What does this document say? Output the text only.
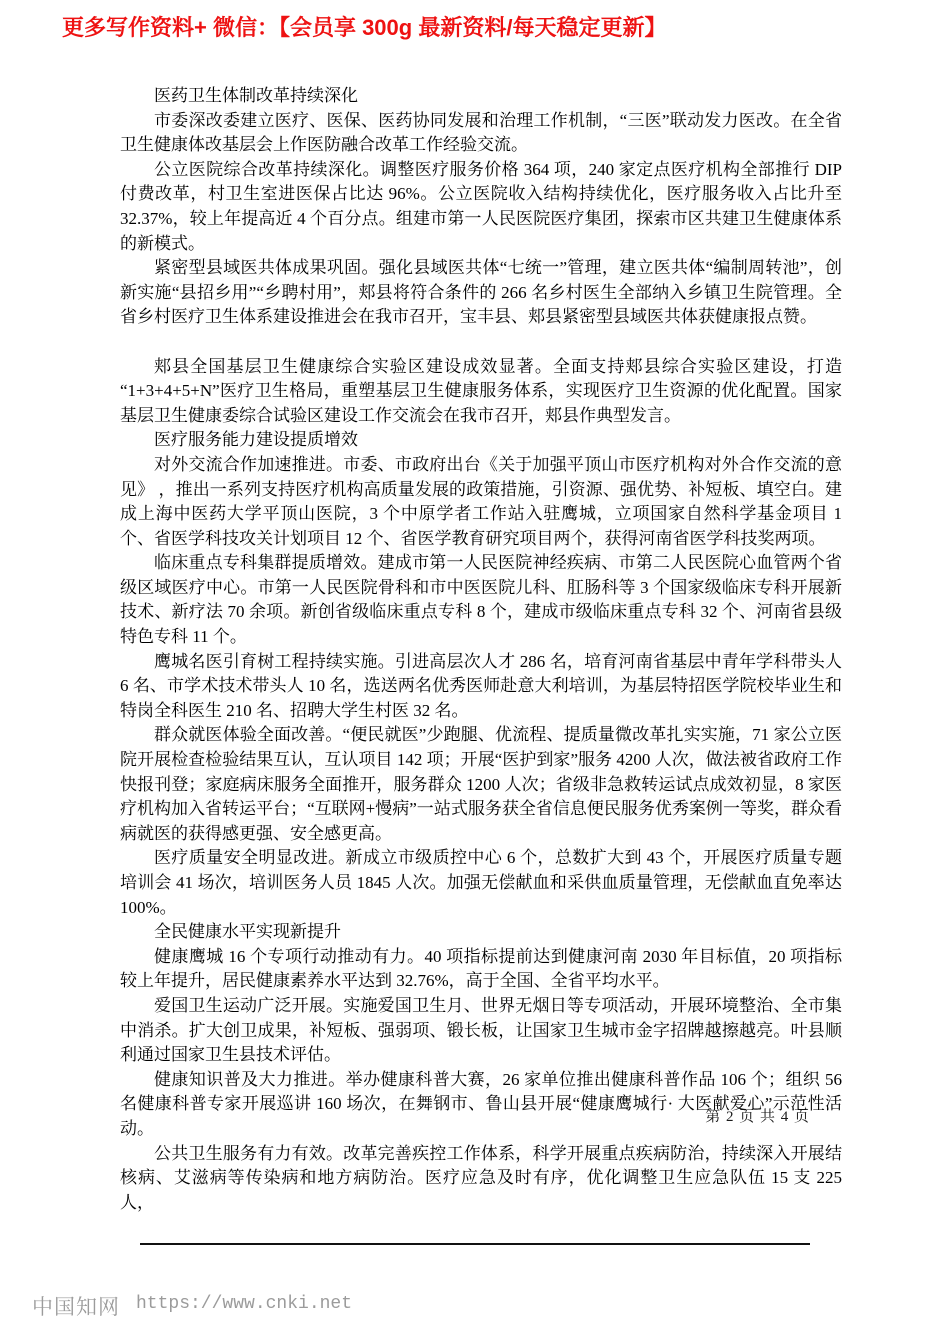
更多写作资料+ 微信：【会员享 300g 最新资料/每天稳定更新】

医药卫生体制改革持续深化

市委深改委建立医疗、医保、医药协同发展和治理工作机制，“三医”联动发力医改。在全省卫生健康体改基层会上作医防融合改革工作经验交流。

公立医院综合改革持续深化。调整医疗服务价格 364 项，240 家定点医疗机构全部推行 DIP 付费改革，村卫生室进医保占比达 96%。公立医院收入结构持续优化，医疗服务收入占比升至 32.37%，较上年提高近 4 个百分点。组建市第一人民医院医疗集团，探索市区共建卫生健康体系的新模式。

紧密型县域医共体成果巩固。强化县域医共体“七统一”管理，建立医共体“编制周转池”，创新实施“县招乡用”“乡聘村用”，郏县将符合条件的 266 名乡村医生全部纳入乡镇卫生院管理。全省乡村医疗卫生体系建设推进会在我市召开，宝丰县、郏县紧密型县域医共体获健康报点赞。

郏县全国基层卫生健康综合实验区建设成效显著。全面支持郏县综合实验区建设，打造“1+3+4+5+N”医疗卫生格局，重塑基层卫生健康服务体系，实现医疗卫生资源的优化配置。国家基层卫生健康委综合试验区建设工作交流会在我市召开，郏县作典型发言。

医疗服务能力建设提质增效

对外交流合作加速推进。市委、市政府出台《关于加强平顶山市医疗机构对外合作交流的意见》 ，推出一系列支持医疗机构高质量发展的政策措施，引资源、强优势、补短板、填空白。建成上海中医药大学平顶山医院，3 个中原学者工作站入驻鹰城，立项国家自然科学基金项目 1 个、省医学科技攻关计划项目 12 个、省医学教育研究项目两个，获得河南省医学科技奖两项。

临床重点专科集群提质增效。建成市第一人民医院神经疾病、市第二人民医院心血管两个省级区域医疗中心。市第一人民医院骨科和市中医医院儿科、肛肠科等 3 个国家级临床专科开展新技术、新疗法 70 余项。新创省级临床重点专科 8 个，建成市级临床重点专科 32 个、河南省县级特色专科 11 个。

鹰城名医引育树工程持续实施。引进高层次人才 286 名，培育河南省基层中青年学科带头人 6 名、市学术技术带头人 10 名，选送两名优秀医师赴意大利培训，为基层特招医学院校毕业生和特岗全科医生 210 名、招聘大学生村医 32 名。

群众就医体验全面改善。“便民就医”少跑腿、优流程、提质量微改革扎实实施，71 家公立医院开展检查检验结果互认，互认项目 142 项；开展“医护到家”服务 4200 人次，做法被省政府工作快报刊登；家庭病床服务全面推开，服务群众 1200 人次；省级非急救转运试点成效初显，8 家医疗机构加入省转运平台；“互联网+慢病”一站式服务获全省信息便民服务优秀案例一等奖，群众看病就医的获得感更强、安全感更高。

医疗质量安全明显改进。新成立市级质控中心 6 个，总数扩大到 43 个，开展医疗质量专题培训会 41 场次，培训医务人员 1845 人次。加强无偿献血和采供血质量管理，无偿献血直免率达 100%。

全民健康水平实现新提升

健康鹰城 16 个专项行动推动有力。40 项指标提前达到健康河南 2030 年目标值，20 项指标较上年提升，居民健康素养水平达到 32.76%，高于全国、全省平均水平。

爱国卫生运动广泛开展。实施爱国卫生月、世界无烟日等专项活动，开展环境整治、全市集中消杀。扩大创卫成果，补短板、强弱项、锻长板，让国家卫生城市金字招牌越擦越亮。叶县顺利通过国家卫生县技术评估。

健康知识普及大力推进。举办健康科普大赛，26 家单位推出健康科普作品 106 个；组织 56 名健康科普专家开展巡讲 160 场次，在舞钢市、鲁山县开展“健康鹰城行· 大医献爱心”示范性活动。

公共卫生服务有力有效。改革完善疾控工作体系，科学开展重点疾病防治，持续深入开展结核病、艾滋病等传染病和地方病防治。医疗应急及时有序，优化调整卫生应急队伍 15 支 225 人，

第 2 页 共 4 页
中国知网 https://www.cnki.net
